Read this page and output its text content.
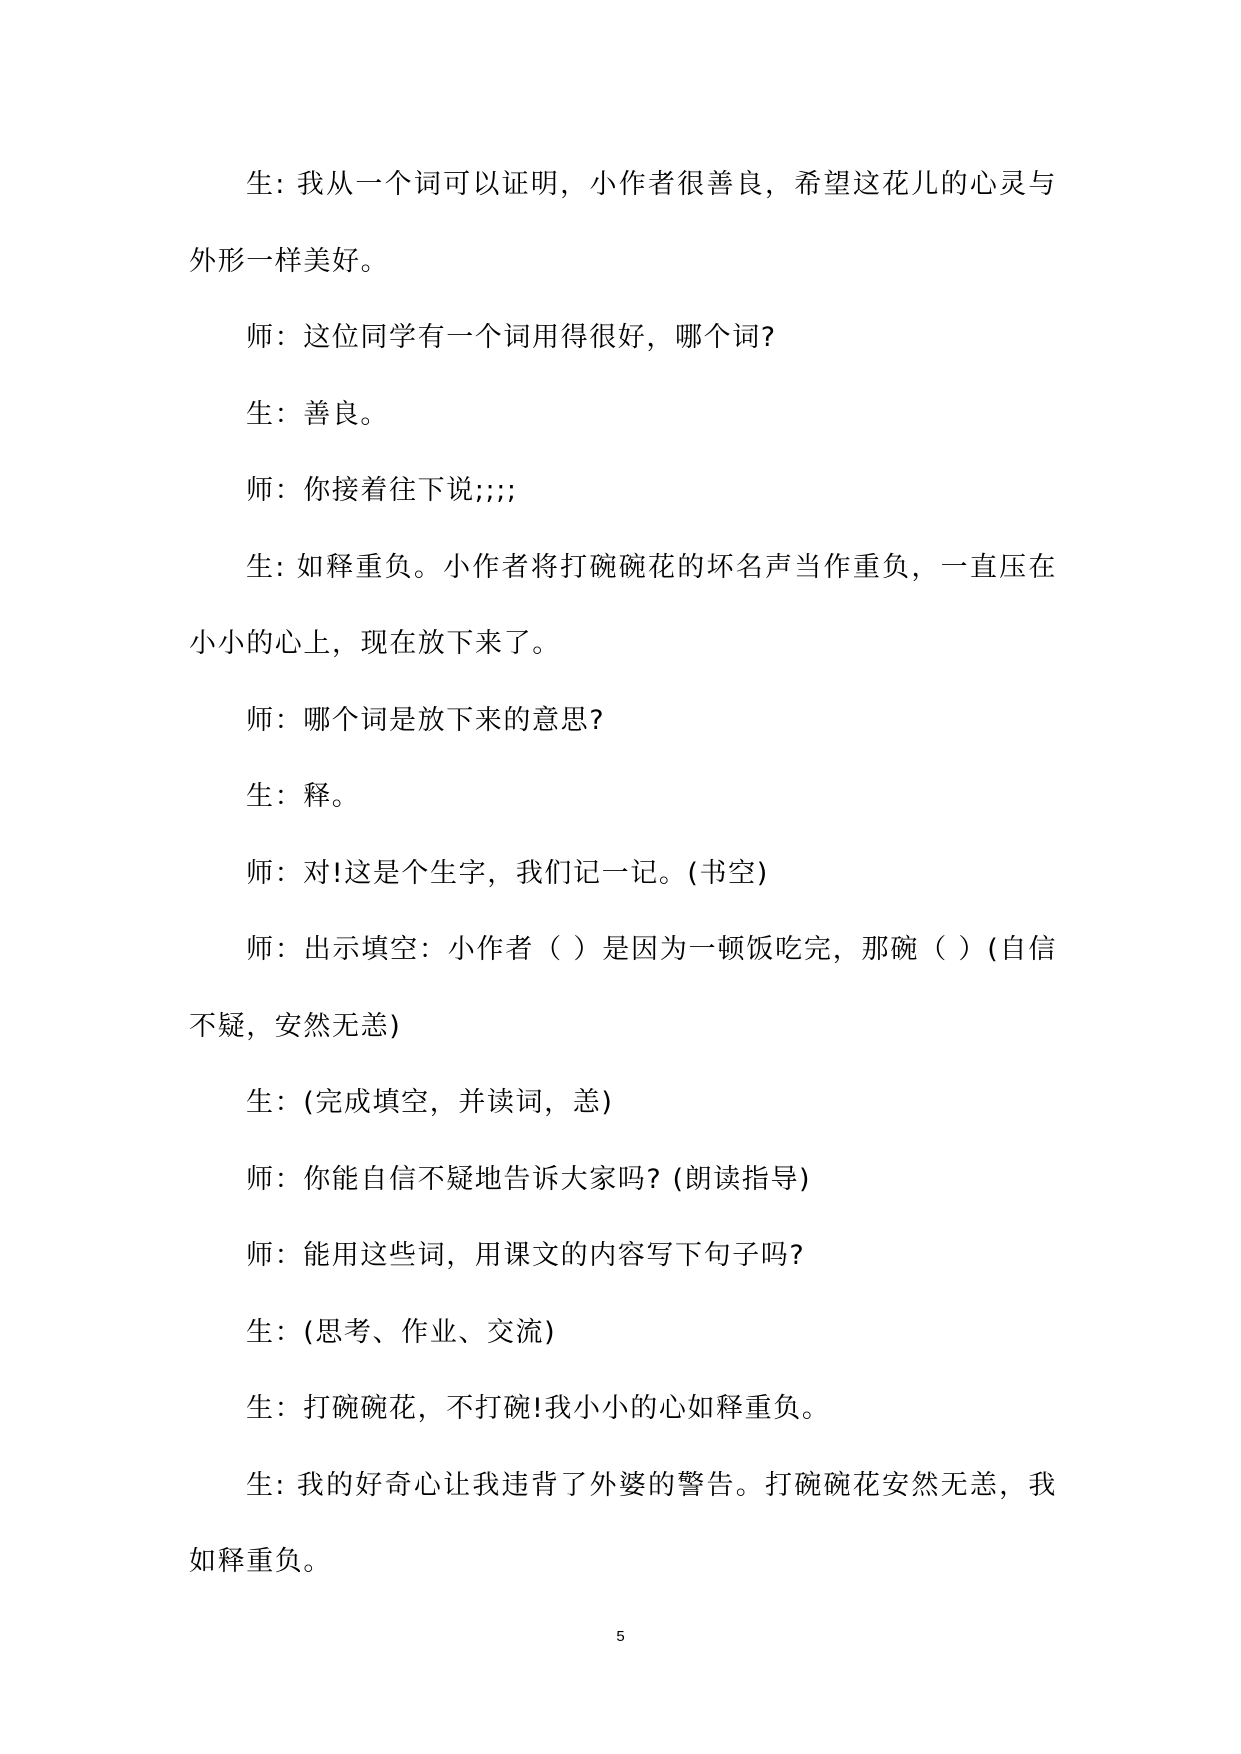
生: 我从一个词可以证明，小作者很善良，希望这花儿的心灵与外形一样美好。

师：这位同学有一个词用得很好，哪个词?

生：善良。

师：你接着往下说;;;;

生: 如释重负。小作者将打碗碗花的坏名声当作重负，一直压在小小的心上，现在放下来了。

师：哪个词是放下来的意思?

生：释。

师：对!这是个生字，我们记一记。(书空)

师：出示填空：小作者（ ）是因为一顿饭吃完，那碗（ ）(自信不疑，安然无恙)

生：(完成填空，并读词，恙)

师：你能自信不疑地告诉大家吗? (朗读指导)

师：能用这些词，用课文的内容写下句子吗?

生：(思考、作业、交流)

生：打碗碗花，不打碗!我小小的心如释重负。

生: 我的好奇心让我违背了外婆的警告。打碗碗花安然无恙，我如释重负。

5
